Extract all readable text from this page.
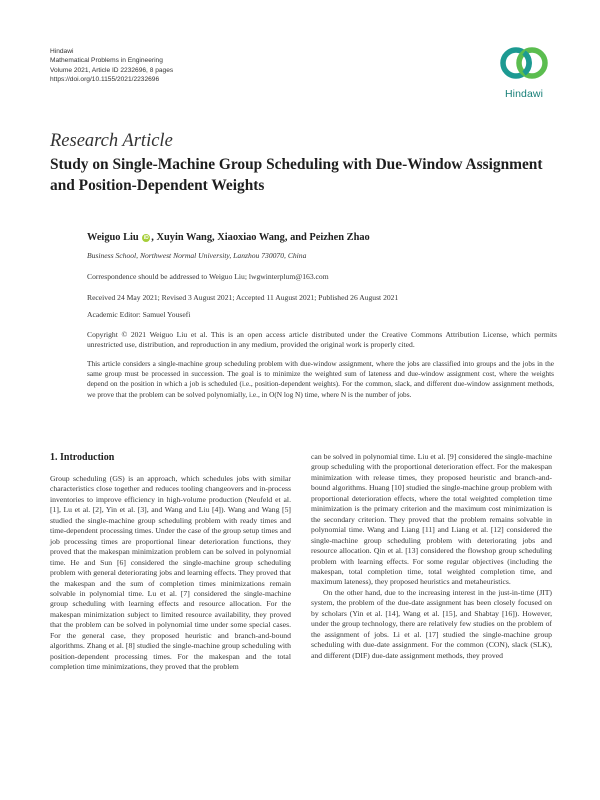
Hindawi
Mathematical Problems in Engineering
Volume 2021, Article ID 2232696, 8 pages
https://doi.org/10.1155/2021/2232696
Hindawi
Research Article
Study on Single-Machine Group Scheduling with Due-Window Assignment and Position-Dependent Weights
Weiguo Liu iD , Xuyin Wang, Xiaoxiao Wang, and Peizhen Zhao
Business School, Northwest Normal University, Lanzhou 730070, China
Correspondence should be addressed to Weiguo Liu; lwgwinterplum@163.com
Received 24 May 2021; Revised 3 August 2021; Accepted 11 August 2021; Published 26 August 2021
Academic Editor: Samuel Yousefi
Copyright © 2021 Weiguo Liu et al. This is an open access article distributed under the Creative Commons Attribution License, which permits unrestricted use, distribution, and reproduction in any medium, provided the original work is properly cited.

This article considers a single-machine group scheduling problem with due-window assignment, where the jobs are classified into groups and the jobs in the same group must be processed in succession. The goal is to minimize the weighted sum of lateness and due-window assignment cost, where the weights depend on the position in which a job is scheduled (i.e., position-dependent weights). For the common, slack, and different due-window assignment methods, we prove that the problem can be solved polynomially, i.e., in O(N log N) time, where N is the number of jobs.

1. Introduction

Group scheduling (GS) is an approach, which schedules jobs with similar characteristics close together and reduces tooling changeovers and in-process inventories to improve efficiency in high-volume production (Neufeld et al. [1], Lu et al. [2], Yin et al. [3], and Wang and Liu [4]). Wang and Wang [5] studied the single-machine group scheduling problem with ready times and time-dependent processing times. Under the case of the group setup times and job processing times are proportional linear deterioration functions, they proved that the makespan minimization problem can be solved in polynomial time. He and Sun [6] considered the single-machine group scheduling problem with general deteriorating jobs and learning effects. They proved that the makespan and the sum of completion times minimizations remain solvable in polynomial time. Lu et al. [7] considered the single-machine group scheduling with learning effects and resource allocation. For the makespan minimization subject to limited resource availability, they proved that the problem can be solved in polynomial time under some special cases. For the general case, they proposed heuristic and branch-and-bound algorithms. Zhang et al. [8] studied the single-machine group scheduling with position-dependent processing times. For the makespan and the total completion time minimizations, they proved that the problem

can be solved in polynomial time. Liu et al. [9] considered the single-machine group scheduling with the proportional deterioration effect. For the makespan minimization with release times, they proposed heuristic and branch-and-bound algorithms. Huang [10] studied the single-machine group problem with proportional deterioration effects, where the total weighted completion time minimization is the primary criterion and the maximum cost minimization is the secondary criterion. They proved that the problem remains solvable in polynomial time. Wang and Liang [11] and Liang et al. [12] considered the single-machine group scheduling problem with deteriorating jobs and resource allocation. Qin et al. [13] considered the flowshop group scheduling problem with learning effects. For some regular objectives (including the makespan, total completion time, total weighted completion time, and maximum lateness), they proposed heuristics and metaheuristics.

On the other hand, due to the increasing interest in the just-in-time (JIT) system, the problem of the due-date assignment has been closely focused on by scholars (Yin et al. [14], Wang et al. [15], and Shabtay [16]). However, under the group technology, there are relatively few studies on the problem of the assignment of jobs. Li et al. [17] studied the single-machine group scheduling with due-date assignment. For the common (CON), slack (SLK), and different (DIF) due-date assignment methods, they proved
